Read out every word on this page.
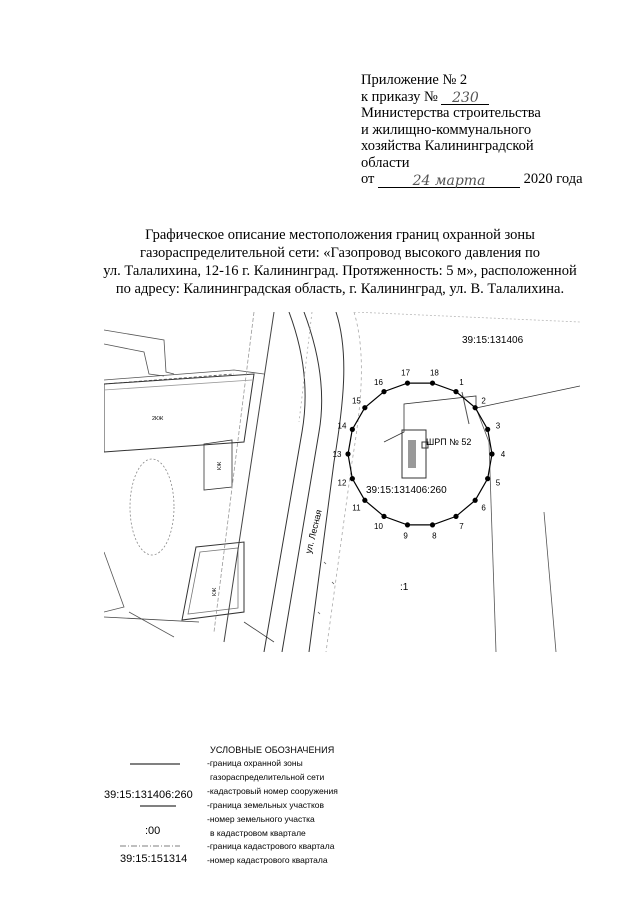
Приложение № 2
к приказу № 230
Министерства строительства
и жилищно-коммунального
хозяйства Калининградской
области
от	24 марта	2020 года
Графическое описание местоположения границ охранной зоны
газораспределительной сети: «Газопровод высокого давления по
ул. Талалихина, 12-16 г. Калининград. Протяженность: 5 м», расположенной
по адресу: Калининградская область, г. Калининград, ул. В. Талалихина.
1
2
3
4
5
6
7
8
9
10
11
12
13
14
15
16
17 18
39:15:131406
ШРП № 52
39:15:131406:260
:1
ул. Лесная
2КЖ
КЖ
КЖ
УСЛОВНЫЕ ОБОЗНАЧЕНИЯ
-граница охранной зоны
газораспределительной сети
39:15:131406:260 -кадастровый номер сооружения
-граница земельных участков
-номер земельного участка
:00	в кадастровом квартале
-граница кадастрового квартала
39:15:151314 -номер кадастрового квартала
